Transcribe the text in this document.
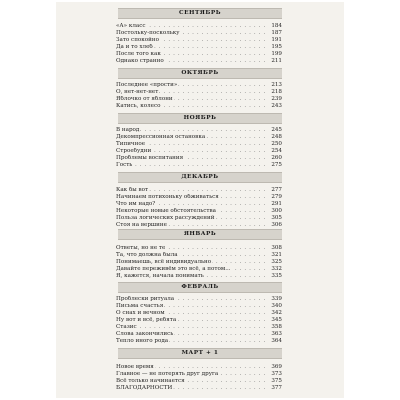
СЕНТЯБРЬ
. . .
«А» класс	184
. . .
Постольку-поскольку	187
. . .
Зато спокойно	191
. . .
Да и то хлеб	195
. . .
После того как	199
. . .
Однако странно	211
ОКТЯБРЬ
. . .
Последнее «прости»	213
. . .
О, нет-нет-нет	218
. . .
Яблочко от яблони	239
. . .
Катись, колесо	243
НОЯБРЬ
. . .
В народ	245
. . .
Декомпрессионная остановка	248
. . .
Типичное	250
. . .
Строебудни	254
. . .
Проблемы воспитания	260
. . .
Гость	275
ДЕКАБРЬ
. . .
Как бы вот	277
. . .
Начинаем потихоньку обживаться	279
. . .
Что им надо?	291
. . .
Некоторые новые обстоятельства	300
. . .
Польза логических рассуждений	305
. . .
Стоя на вершине	306
ЯНВАРЬ
. . .
Ответы, но не те	308
. . .
Та, что должна была	321
. . .
Понимаешь, всё индивидуально	325
. . .
Давайте переживём это всё, а потом...	332
. . .
Я, кажется, начала понимать	335
ФЕВРАЛЬ
. . .
Проблески ритуала	339
. . .
Письма счастья	340
. . .
О снах и вечном	342
. . .
Ну вот и всё, ребята	345
. . .
Стазис	358
. . .
Слова закончились	363
. . .
Тепло иного рода	364
МАРТ + 1
. . .
Новое время	369
. . .
Главное — не потерять друг друга	373
. . .
Всё только начинается	375
. . .
БЛАГОДАРНОСТИ	377
